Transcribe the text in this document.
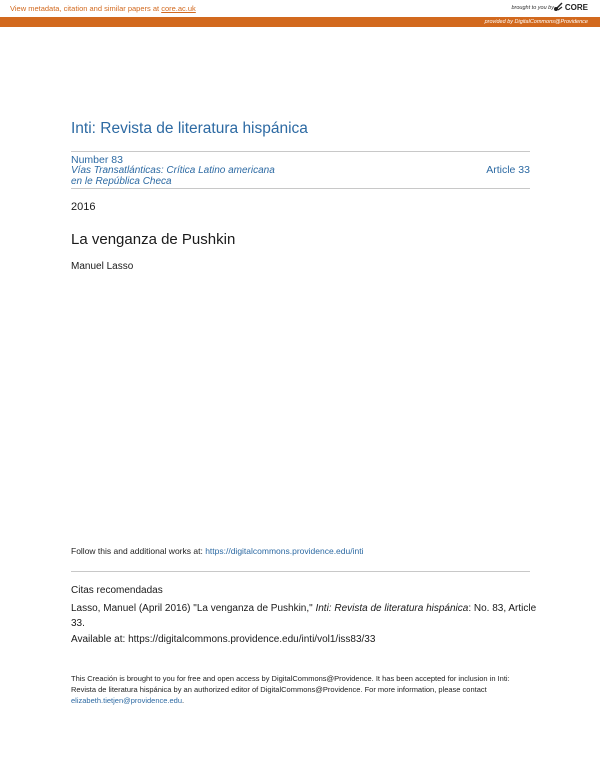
View metadata, citation and similar papers at core.ac.uk	brought to you by CORE
provided by DigitalCommons@Providence
Inti: Revista de literatura hispánica
Number 83
Vías Transatlánticas: Crítica Latino americana
en le República Checa
Article 33
2016
La venganza de Pushkin
Manuel Lasso
Follow this and additional works at: https://digitalcommons.providence.edu/inti
Citas recomendadas
Lasso, Manuel (April 2016) "La venganza de Pushkin," Inti: Revista de literatura hispánica: No. 83, Article 33.
Available at: https://digitalcommons.providence.edu/inti/vol1/iss83/33
This Creación is brought to you for free and open access by DigitalCommons@Providence. It has been accepted for inclusion in Inti: Revista de literatura hispánica by an authorized editor of DigitalCommons@Providence. For more information, please contact elizabeth.tietjen@providence.edu.
